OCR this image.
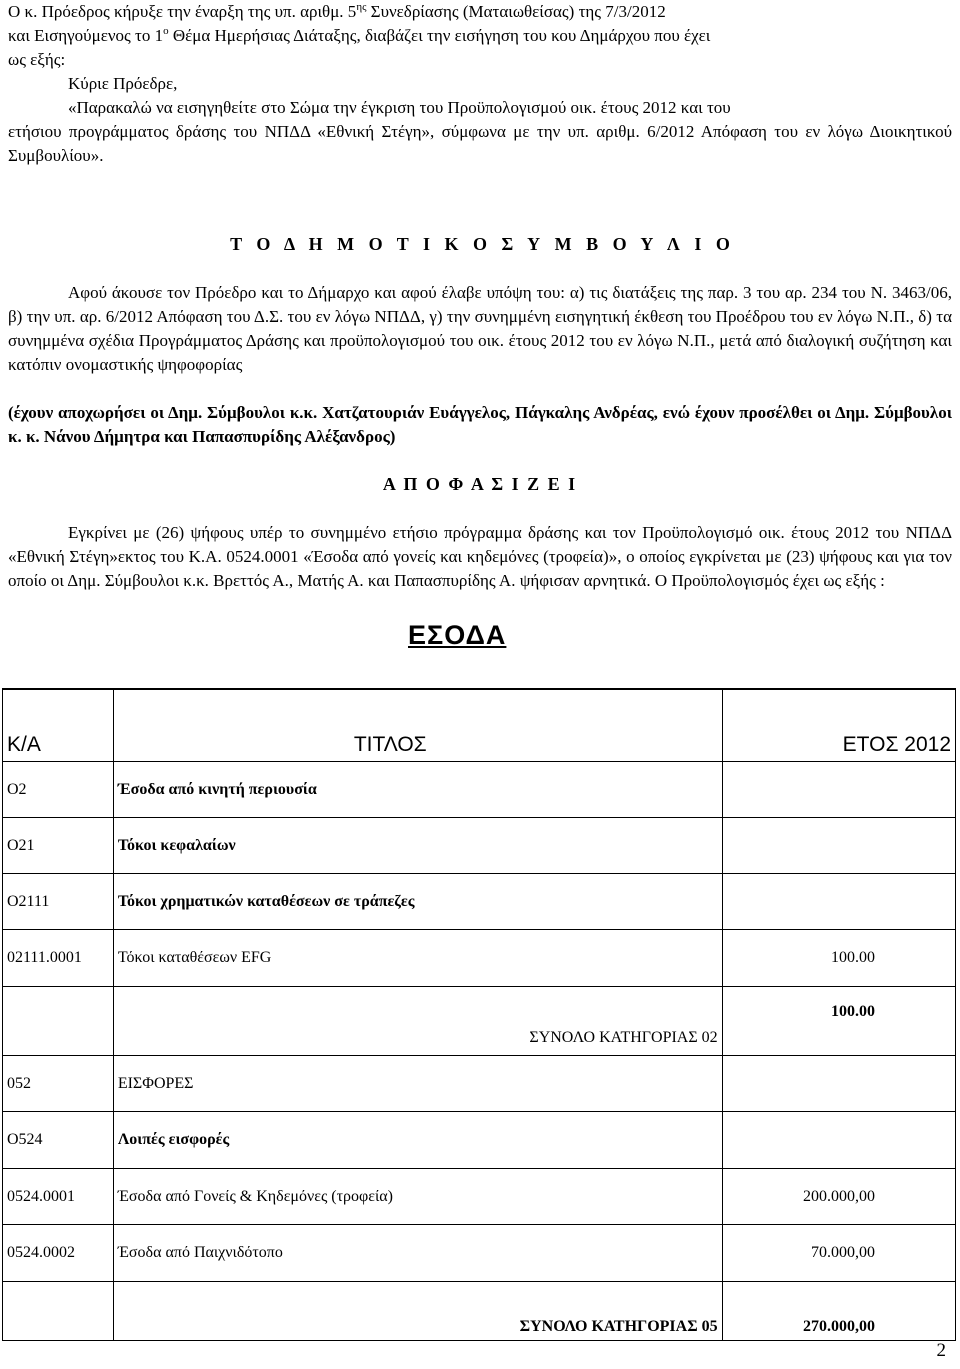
Ο κ. Πρόεδρος κήρυξε την έναρξη της υπ. αριθμ. $5^{\eta\varsigma}$ Συνεδρίασης (Ματαιωθείσας) της 7/3/2012
και Εισηγούμενος το $1^o$ Θέμα Ημερήσιας Διάταξης, διαβάζει την εισήγηση του κου Δημάρχου που έχει
ως εξής:
Κύριε Πρόεδρε,
«Παρακαλώ να εισηγηθείτε στο Σώμα την έγκριση του Προϋπολογισμού οικ. έτους 2012 και του
ετήσιου προγράμματος δράσης του ΝΠΔΔ «Εθνική Στέγη», σύμφωνα με την υπ. αριθμ. 6/2012 Απόφαση του εν λόγω Διοικητικού Συμβουλίου».
Τ Ο Δ Η Μ Ο Τ Ι Κ Ο Σ Υ Μ Β Ο Υ Λ Ι Ο
Αφού άκουσε τον Πρόεδρο και το Δήμαρχο και αφού έλαβε υπόψη του: α) τις διατάξεις της παρ. 3 του αρ. 234 του Ν. 3463/06, β) την υπ. αρ. 6/2012 Απόφαση του Δ.Σ. του εν λόγω ΝΠΔΔ, γ) την συνημμένη εισηγητική έκθεση του Προέδρου του εν λόγω Ν.Π., δ) τα συνημμένα σχέδια Προγράμματος Δράσης και προϋπολογισμού του οικ. έτους 2012 του εν λόγω Ν.Π., μετά από διαλογική συζήτηση και κατόπιν ονομαστικής ψηφοφορίας
(έχουν αποχωρήσει οι Δημ. Σύμβουλοι κ.κ. Χατζατουριάν Ευάγγελος, Πάγκαλης Ανδρέας, ενώ έχουν προσέλθει οι Δημ. Σύμβουλοι κ. κ. Νάνου Δήμητρα και Παπασπυρίδης Αλέξανδρος)
Α Π Ο Φ Α Σ Ι Ζ Ε Ι
Εγκρίνει με (26) ψήφους υπέρ το συνημμένο ετήσιο πρόγραμμα δράσης και τον Προϋπολογισμό οικ. έτους 2012 του ΝΠΔΔ «Εθνική Στέγη»εκτος του Κ.Α. 0524.0001 «Έσοδα από γονείς και κηδεμόνες (τροφεία)», ο οποίος εγκρίνεται με (23) ψήφους και για τον οποίο οι Δημ. Σύμβουλοι κ.κ. Βρεττός Α., Ματής Α. και Παπασπυρίδης Α. ψήφισαν αρνητικά. Ο Προϋπολογισμός έχει ως εξής :
ΕΣΟΔΑ
Κ/Α	ΤΙΤΛΟΣ	ΕΤΟΣ 2012
Ο2	Έσοδα από κινητή περιουσία	
Ο21	Τόκοι κεφαλαίων	
Ο2111	Τόκοι χρηματικών καταθέσεων σε τράπεζες	
02111.0001	Τόκοι καταθέσεων EFG	100.00
	ΣΥΝΟΛΟ ΚΑΤΗΓΟΡΙΑΣ 02	100.00
052	ΕΙΣΦΟΡΕΣ	
Ο524	Λοιπές εισφορές	
0524.0001	Έσοδα από Γονείς & Κηδεμόνες (τροφεία)	200.000,00
0524.0002	Έσοδα από Παιχνιδότοπο	70.000,00
	ΣΥΝΟΛΟ ΚΑΤΗΓΟΡΙΑΣ 05	270.000,00
2
